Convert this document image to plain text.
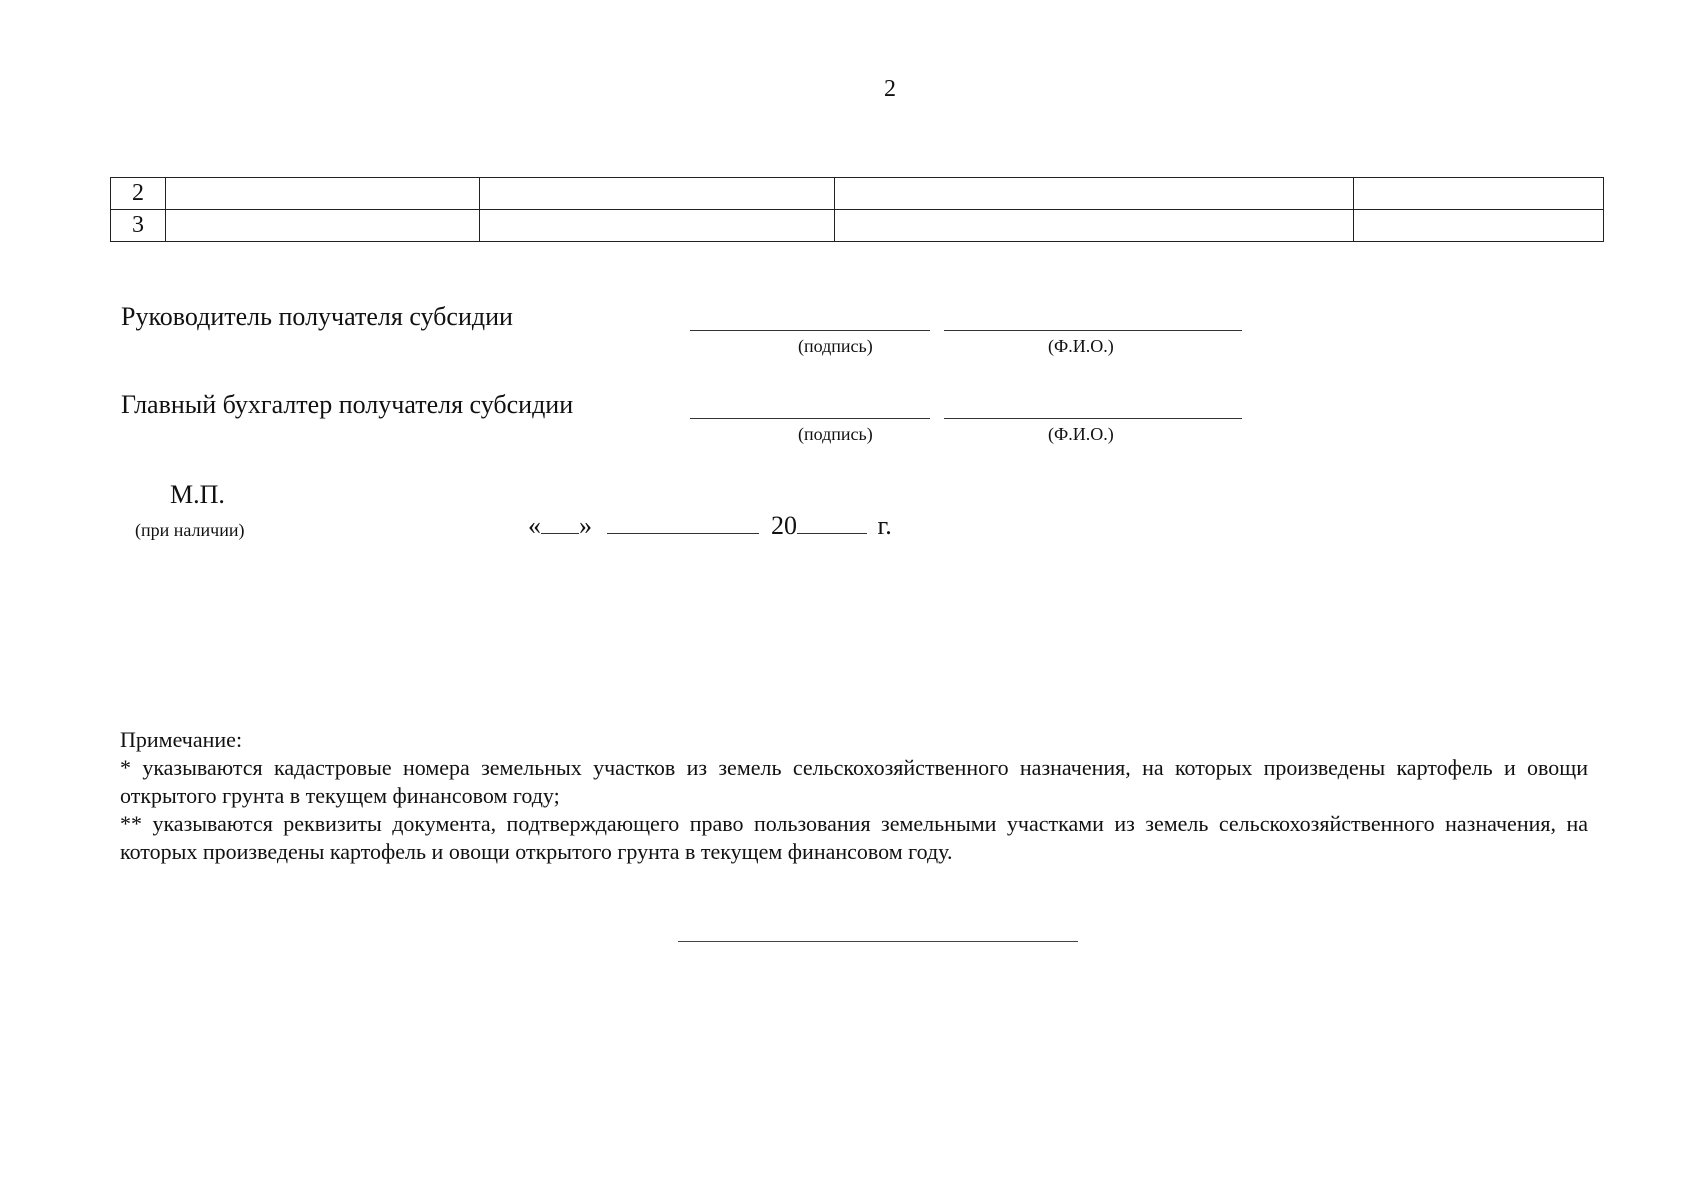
2
2				
3				
Руководитель получателя субсидии
(подпись)	(Ф.И.О.)
Главный бухгалтер получателя субсидии
(подпись)	(Ф.И.О.)
М.П.
(при наличии)	« »	20	г.

Примечание:

* указываются кадастровые номера земельных участков из земель сельскохозяйственного назначения, на которых произведены картофель и овощи открытого грунта в текущем финансовом году;

** указываются реквизиты документа, подтверждающего право пользования земельными участками из земель сельскохозяйственного назначения, на которых произведены картофель и овощи открытого грунта в текущем финансовом году.
